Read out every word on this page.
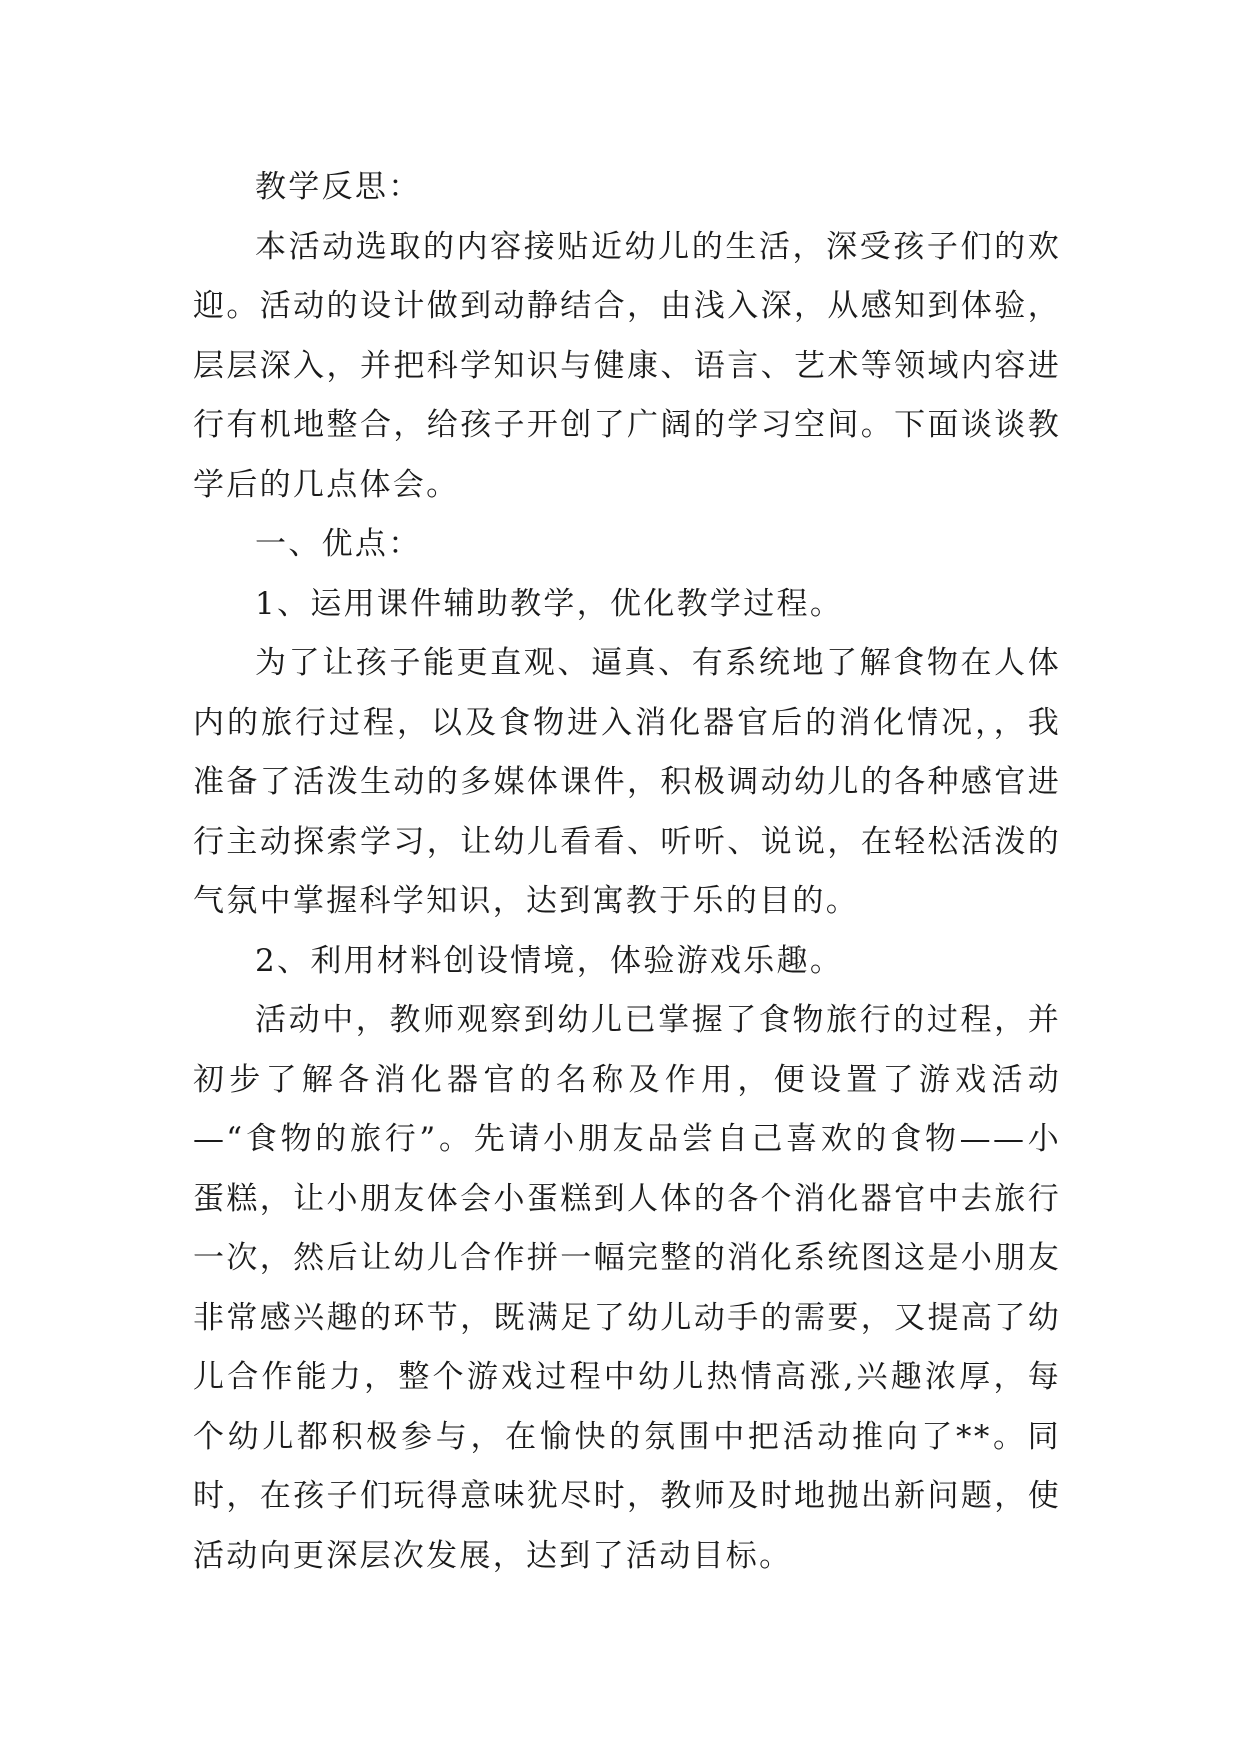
教学反思：

本活动选取的内容接贴近幼儿的生活，深受孩子们的欢迎。活动的设计做到动静结合，由浅入深，从感知到体验，层层深入，并把科学知识与健康、语言、艺术等领域内容进行有机地整合，给孩子开创了广阔的学习空间。下面谈谈教学后的几点体会。

一、优点：

1、运用课件辅助教学，优化教学过程。

为了让孩子能更直观、逼真、有系统地了解食物在人体内的旅行过程，以及食物进入消化器官后的消化情况，，我准备了活泼生动的多媒体课件，积极调动幼儿的各种感官进行主动探索学习，让幼儿看看、听听、说说，在轻松活泼的气氛中掌握科学知识，达到寓教于乐的目的。

2、利用材料创设情境，体验游戏乐趣。

活动中，教师观察到幼儿已掌握了食物旅行的过程，并初步了解各消化器官的名称及作用，便设置了游戏活动—“食物的旅行”。先请小朋友品尝自己喜欢的食物——小蛋糕，让小朋友体会小蛋糕到人体的各个消化器官中去旅行一次，然后让幼儿合作拼一幅完整的消化系统图这是小朋友非常感兴趣的环节，既满足了幼儿动手的需要，又提高了幼儿合作能力，整个游戏过程中幼儿热情高涨,兴趣浓厚，每个幼儿都积极参与，在愉快的氛围中把活动推向了**。同时，在孩子们玩得意味犹尽时，教师及时地抛出新问题，使活动向更深层次发展，达到了活动目标。
